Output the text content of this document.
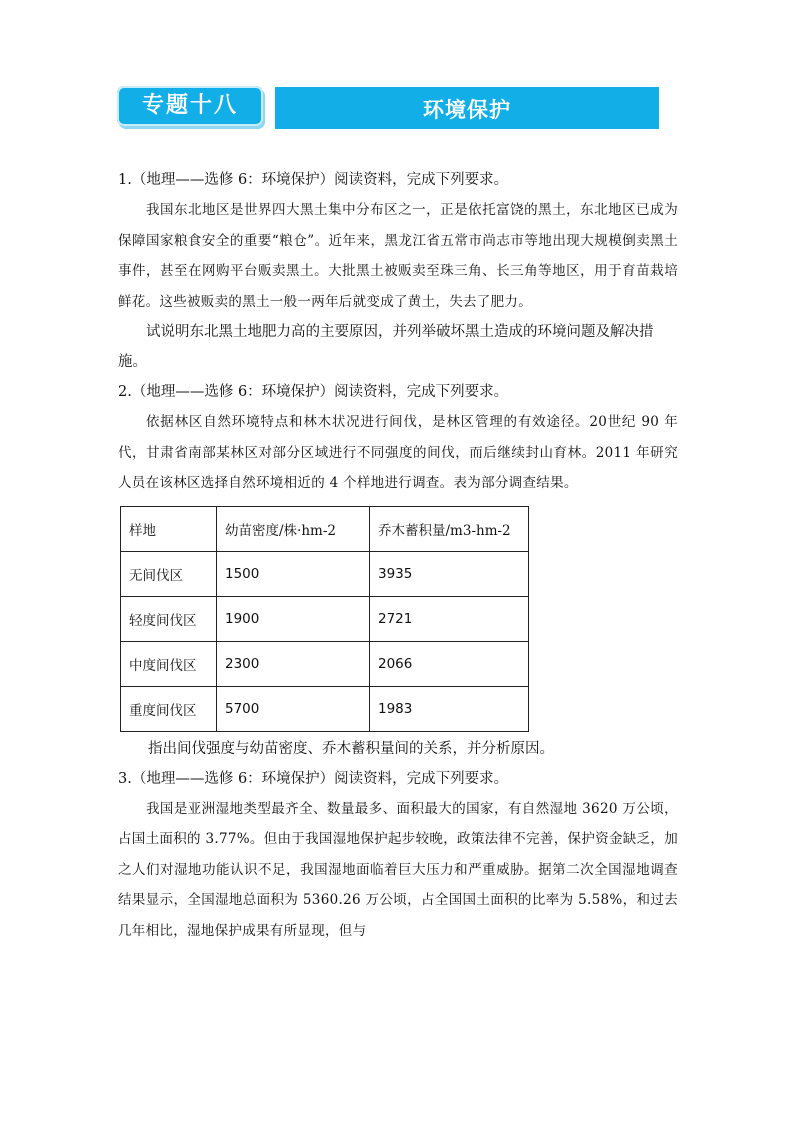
专题十八	环境保护

1.（地理——选修 6：环境保护）阅读资料，完成下列要求。

我国东北地区是世界四大黑土集中分布区之一，正是依托富饶的黑土，东北地区已成为保障国家粮食安全的重要“粮仓”。近年来，黑龙江省五常市尚志市等地出现大规模倒卖黑土事件，甚至在网购平台贩卖黑土。大批黑土被贩卖至珠三角、长三角等地区，用于育苗栽培鲜花。这些被贩卖的黑土一般一两年后就变成了黄土，失去了肥力。

试说明东北黑土地肥力高的主要原因，并列举破坏黑土造成的环境问题及解决措施。

2.（地理——选修 6：环境保护）阅读资料，完成下列要求。

依据林区自然环境特点和林木状况进行间伐，是林区管理的有效途径。20世纪 90 年代，甘肃省南部某林区对部分区域进行不同强度的间伐，而后继续封山育林。2011 年研究人员在该林区选择自然环境相近的 4 个样地进行调查。表为部分调查结果。

样地	幼苗密度/株·hm-2	乔木蓄积量/m3-hm-2
无间伐区	1500	3935
轻度间伐区	1900	2721
中度间伐区	2300	2066
重度间伐区	5700	1983

指出间伐强度与幼苗密度、乔木蓄积量间的关系，并分析原因。

3.（地理——选修 6：环境保护）阅读资料，完成下列要求。

我国是亚洲湿地类型最齐全、数量最多、面积最大的国家，有自然湿地 3620 万公顷，占国土面积的 3.77%。但由于我国湿地保护起步较晚，政策法律不完善，保护资金缺乏，加之人们对湿地功能认识不足，我国湿地面临着巨大压力和严重威胁。据第二次全国湿地调查结果显示，全国湿地总面积为 5360.26 万公顷，占全国国土面积的比率为 5.58%，和过去几年相比，湿地保护成果有所显现，但与
